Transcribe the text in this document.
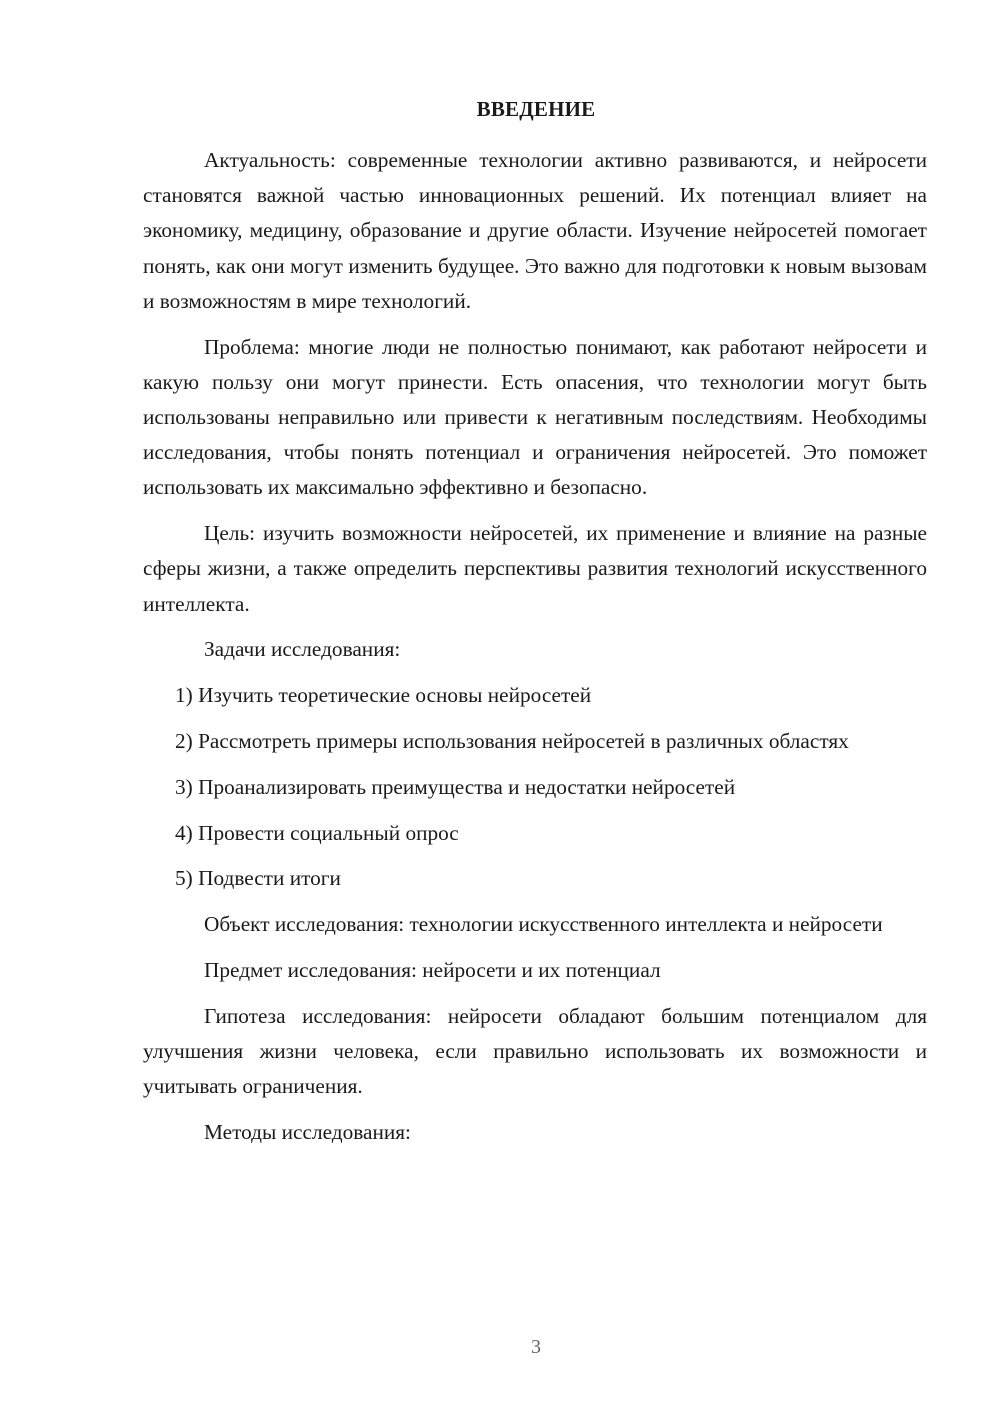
ВВЕДЕНИЕ

Актуальность: современные технологии активно развиваются, и нейросети становятся важной частью инновационных решений. Их потенциал влияет на экономику, медицину, образование и другие области. Изучение нейросетей помогает понять, как они могут изменить будущее. Это важно для подготовки к новым вызовам и возможностям в мире технологий.

Проблема: многие люди не полностью понимают, как работают нейросети и какую пользу они могут принести. Есть опасения, что технологии могут быть использованы неправильно или привести к негативным последствиям. Необходимы исследования, чтобы понять потенциал и ограничения нейросетей. Это поможет использовать их максимально эффективно и безопасно.

Цель: изучить возможности нейросетей, их применение и влияние на разные сферы жизни, а также определить перспективы развития технологий искусственного интеллекта.

Задачи исследования:

1) Изучить теоретические основы нейросетей

2) Рассмотреть примеры использования нейросетей в различных областях

3) Проанализировать преимущества и недостатки нейросетей

4) Провести социальный опрос

5) Подвести итоги

Объект исследования: технологии искусственного интеллекта и нейросети

Предмет исследования: нейросети и их потенциал

Гипотеза исследования: нейросети обладают большим потенциалом для улучшения жизни человека, если правильно использовать их возможности и учитывать ограничения.

Методы исследования:

3
